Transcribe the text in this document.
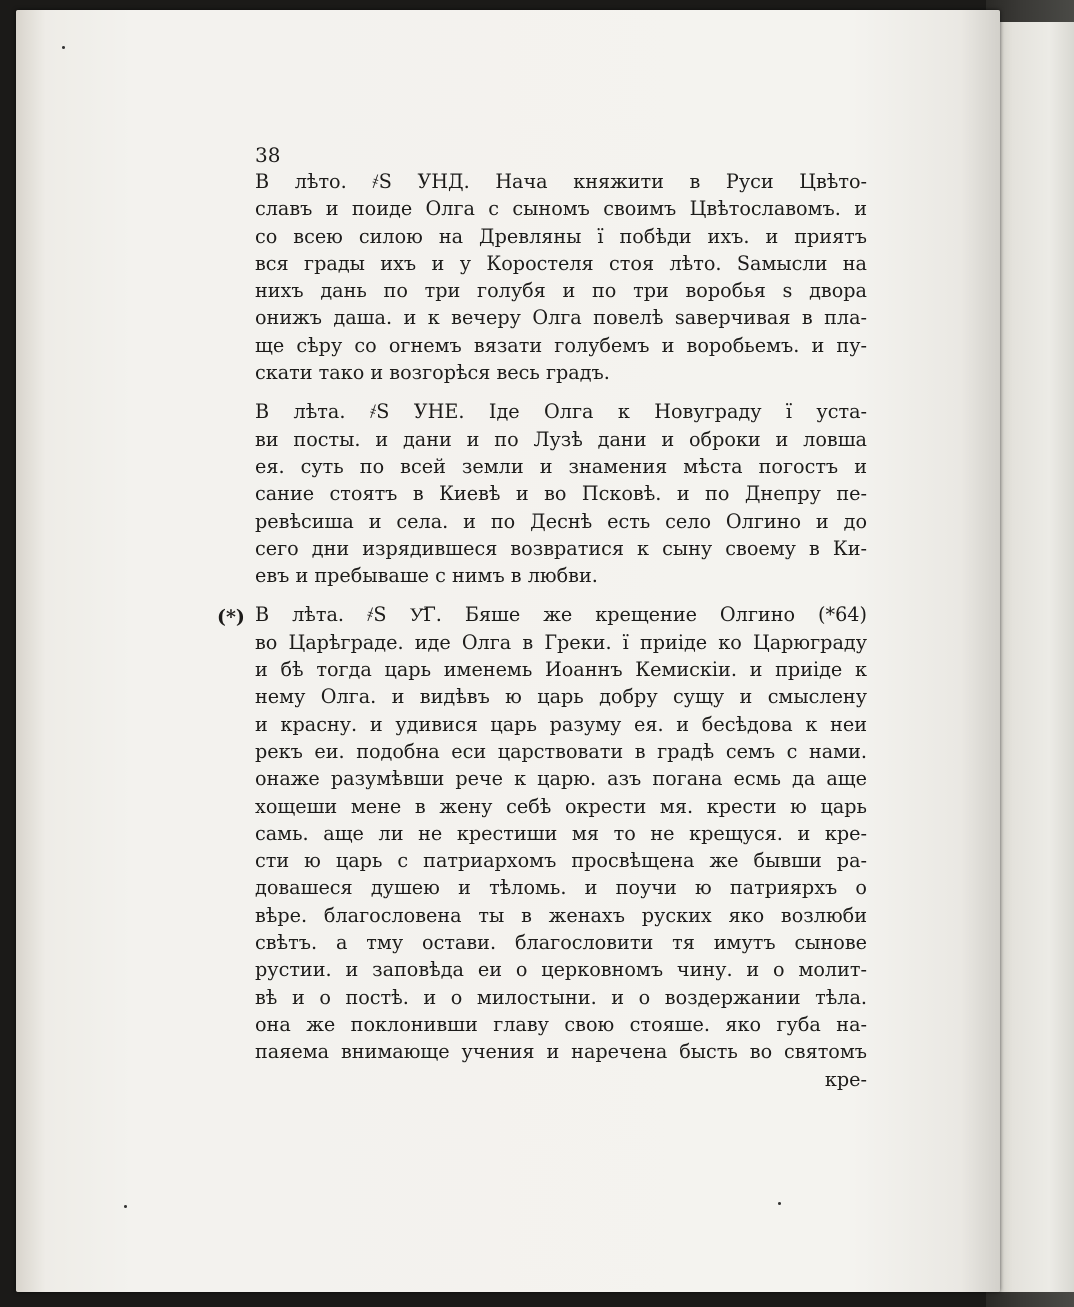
38
(*)
В лѣто. ҂S УНД. Нача княжити в Руси Цвѣто-
славъ и поиде Олга с сыномъ своимъ Цвѣтославомъ. и
со всею силою на Древляны ї побѣди ихъ. и приятъ
вся грады ихъ и у Коростеля стоя лѣто. Ѕамысли на
нихъ дань по три голубя и по три воробья ѕ двора
онижъ даша. и к вечеру Олга повелѣ ѕаверчивая в пла-
ще сѣру со огнемъ вязати голубемъ и воробьемъ. и пу-
скати тако и возгорѣся весь градъ.
В лѣта. ҂S УНЕ. Іде Олга к Новуграду ї уста-
ви посты. и дани и по Лузѣ дани и оброки и ловша
ея. суть по всей земли и знамения мѣста погостъ и
сание стоятъ в Киевѣ и во Псковѣ. и по Днепру пе-
ревѣсиша и села. и по Деснѣ есть село Олгино и до
сего дни изрядившеся возвратися к сыну своему в Ки-
евъ и пребываше с нимъ в любви.
В лѣта. ҂S У҃Г. Бяше же крещение Олгино (*64)
во Царѣграде. иде Олга в Греки. ї приіде ко Царюграду
и бѣ тогда царь именемь Иоаннъ Кемискіи. и приіде к
нему Олга. и видѣвъ ю царь добру сущу и смыслену
и красну. и удивися царь разуму ея. и бесѣдова к неи
рекъ еи. подобна еси царствовати в градѣ семъ с нами.
онаже разумѣвши рече к царю. азъ погана есмь да аще
хощеши мене в жену себѣ окрести мя. крести ю царь
самь. аще ли не крестиши мя то не крещуся. и кре-
сти ю царь с патриархомъ просвѣщена же бывши ра-
довашеся душею и тѣломь. и поучи ю патриярхъ о
вѣре. благословена ты в женахъ руских яко возлюби
свѣтъ. а тму остави. благословити тя имутъ сынове
рустии. и заповѣда еи о церковномъ чину. и о молит-
вѣ и о постѣ. и о милостыни. и о воздержании тѣла.
она же поклонивши главу свою стояше. яко губа на-
паяема внимающе учения и наречена бысть во святомъ
кре-
